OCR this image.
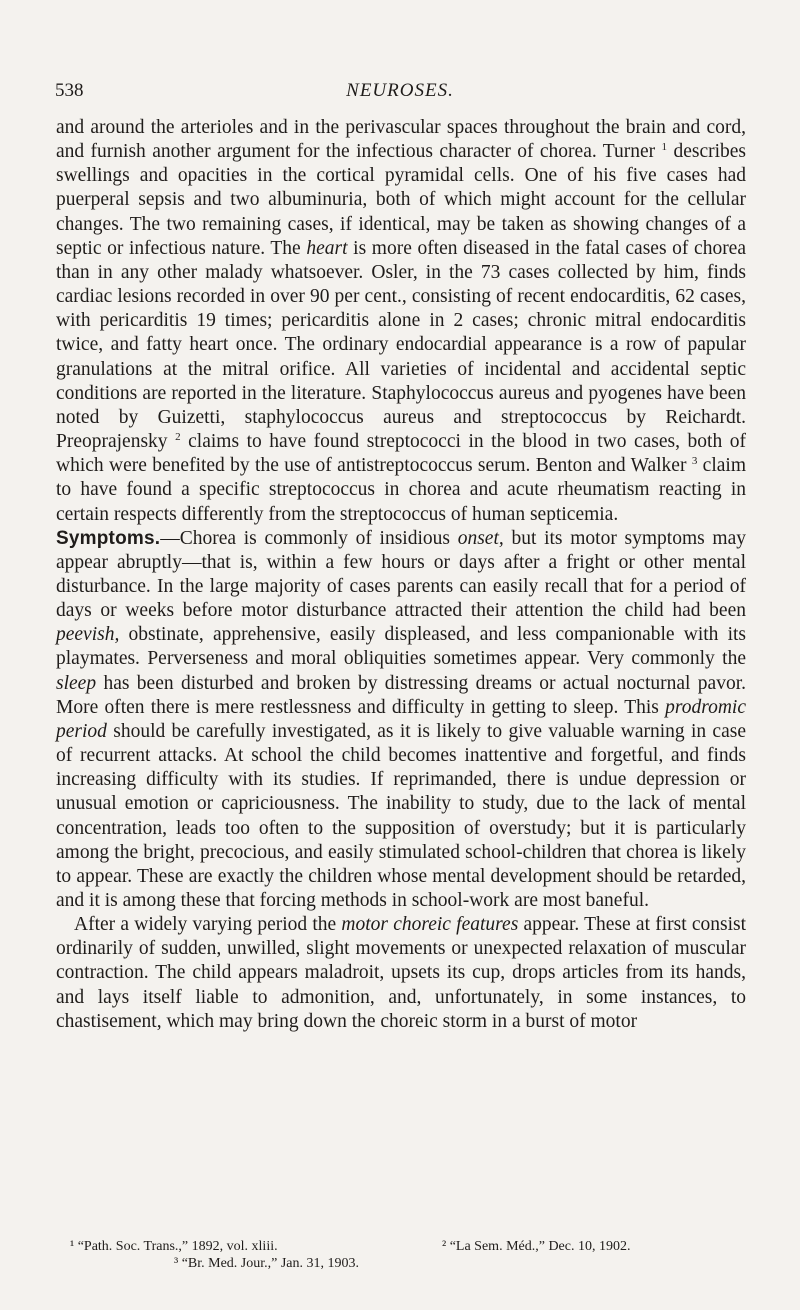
538	NEUROSES.

and around the arterioles and in the perivascular spaces throughout the brain and cord, and furnish another argument for the infectious character of chorea. Turner $^1$ describes swellings and opacities in the cortical pyramidal cells. One of his five cases had puerperal sepsis and two albuminuria, both of which might account for the cellular changes. The two remaining cases, if identical, may be taken as showing changes of a septic or infectious nature. The heart is more often diseased in the fatal cases of chorea than in any other malady whatsoever. Osler, in the 73 cases collected by him, finds cardiac lesions recorded in over 90 per cent., consisting of recent endocarditis, 62 cases, with pericarditis 19 times; pericarditis alone in 2 cases; chronic mitral endocarditis twice, and fatty heart once. The ordinary endocardial appearance is a row of papular granulations at the mitral orifice. All varieties of incidental and accidental septic conditions are reported in the literature. Staphylococcus aureus and pyogenes have been noted by Guizetti, staphylococcus aureus and streptococcus by Reichardt. Preoprajensky $^2$ claims to have found streptococci in the blood in two cases, both of which were benefited by the use of antistreptococcus serum. Benton and Walker $^3$ claim to have found a specific streptococcus in chorea and acute rheumatism reacting in certain respects differently from the streptococcus of human septicemia.

Symptoms.—Chorea is commonly of insidious onset, but its motor symptoms may appear abruptly—that is, within a few hours or days after a fright or other mental disturbance. In the large majority of cases parents can easily recall that for a period of days or weeks before motor disturbance attracted their attention the child had been peevish, obstinate, apprehensive, easily displeased, and less companionable with its playmates. Perverseness and moral obliquities sometimes appear. Very commonly the sleep has been disturbed and broken by distressing dreams or actual nocturnal pavor. More often there is mere restlessness and difficulty in getting to sleep. This prodromic period should be carefully investigated, as it is likely to give valuable warning in case of recurrent attacks. At school the child becomes inattentive and forgetful, and finds increasing difficulty with its studies. If reprimanded, there is undue depression or unusual emotion or capriciousness. The inability to study, due to the lack of mental concentration, leads too often to the supposition of overstudy; but it is particularly among the bright, precocious, and easily stimulated school-children that chorea is likely to appear. These are exactly the children whose mental development should be retarded, and it is among these that forcing methods in school-work are most baneful.

After a widely varying period the motor choreic features appear. These at first consist ordinarily of sudden, unwilled, slight movements or unexpected relaxation of muscular contraction. The child appears maladroit, upsets its cup, drops articles from its hands, and lays itself liable to admonition, and, unfortunately, in some instances, to chastisement, which may bring down the choreic storm in a burst of motor

¹ “Path. Soc. Trans.,” 1892, vol. xliii.	² “La Sem. Méd.,” Dec. 10, 1902.
³ “Br. Med. Jour.,” Jan. 31, 1903.
